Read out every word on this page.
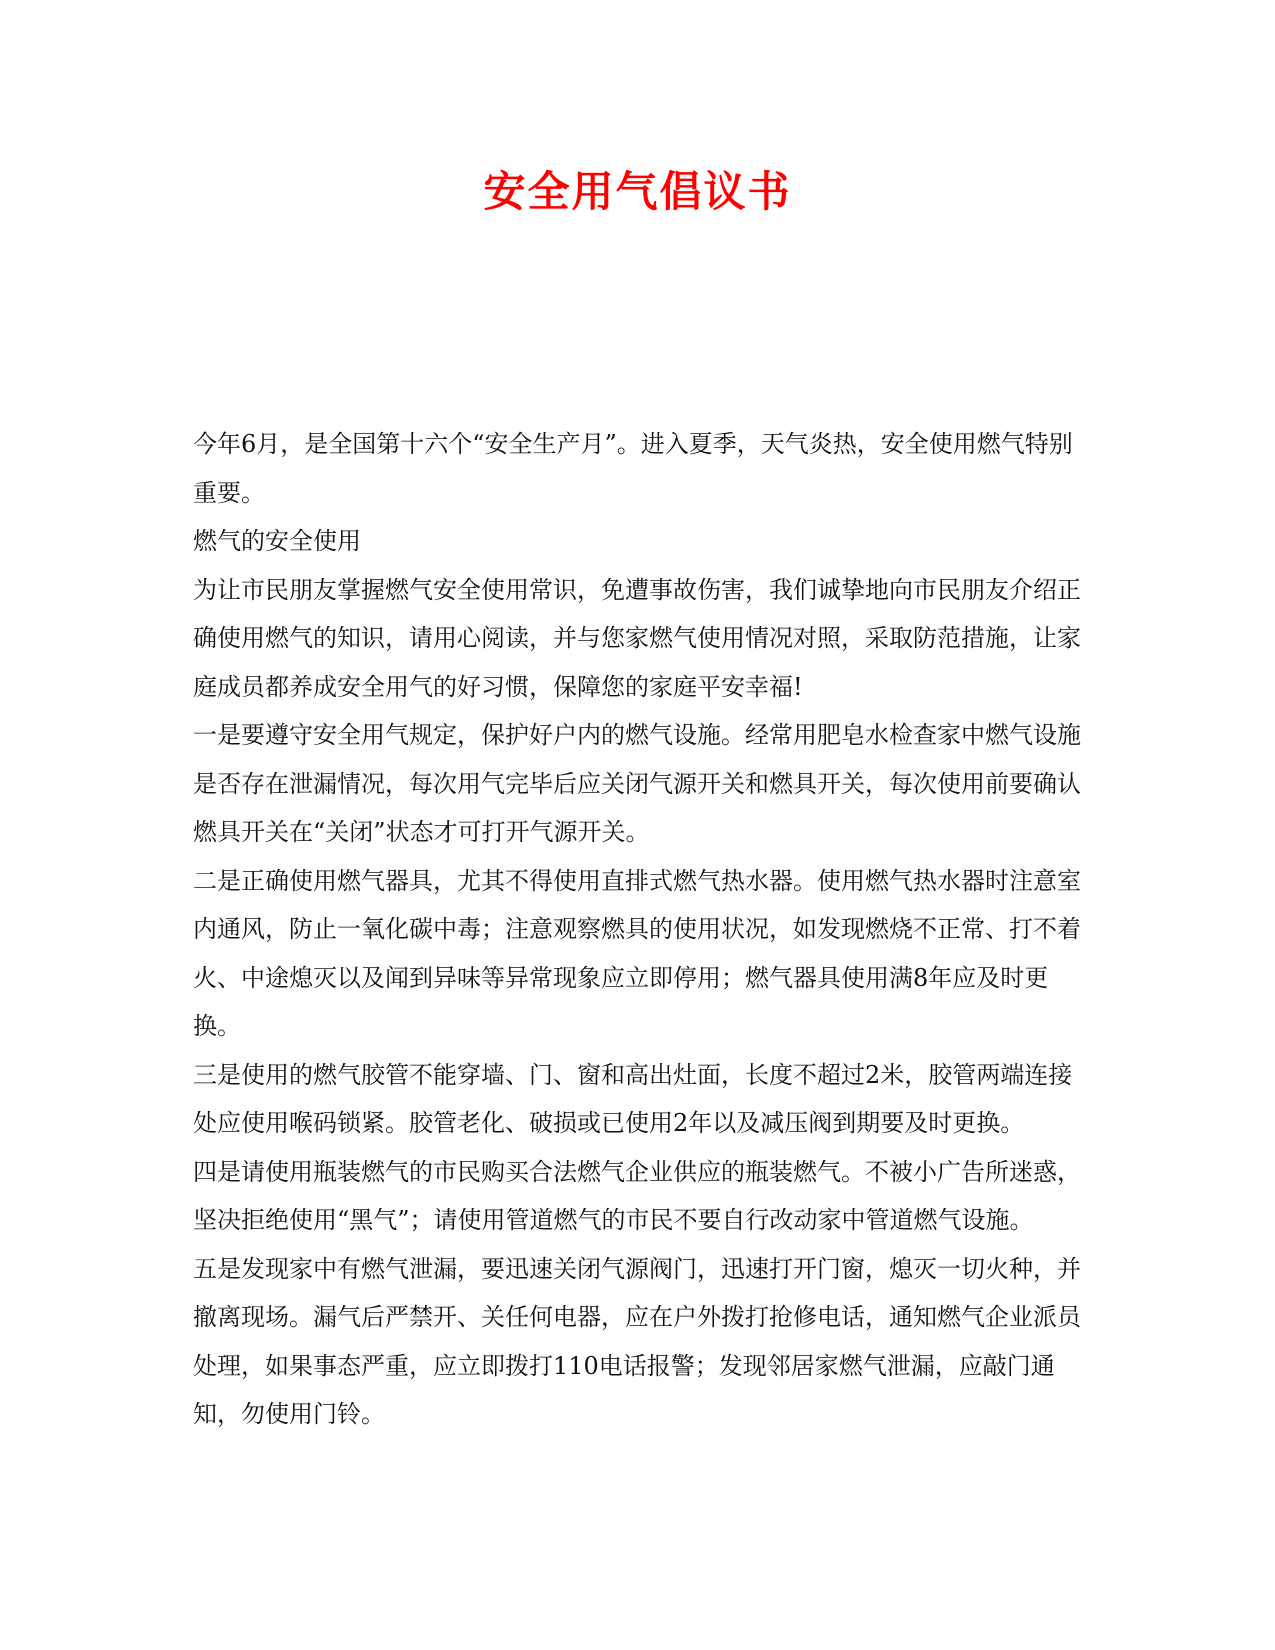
安全用气倡议书

今年6月，是全国第十六个“安全生产月”。进入夏季，天气炎热，安全使用燃气特别重要。

燃气的安全使用

为让市民朋友掌握燃气安全使用常识，免遭事故伤害，我们诚挚地向市民朋友介绍正确使用燃气的知识，请用心阅读，并与您家燃气使用情况对照，采取防范措施，让家庭成员都养成安全用气的好习惯，保障您的家庭平安幸福!

一是要遵守安全用气规定，保护好户内的燃气设施。经常用肥皂水检查家中燃气设施是否存在泄漏情况，每次用气完毕后应关闭气源开关和燃具开关，每次使用前要确认燃具开关在“关闭”状态才可打开气源开关。

二是正确使用燃气器具，尤其不得使用直排式燃气热水器。使用燃气热水器时注意室内通风，防止一氧化碳中毒；注意观察燃具的使用状况，如发现燃烧不正常、打不着火、中途熄灭以及闻到异味等异常现象应立即停用；燃气器具使用满8年应及时更换。

三是使用的燃气胶管不能穿墙、门、窗和高出灶面，长度不超过2米，胶管两端连接处应使用喉码锁紧。胶管老化、破损或已使用2年以及减压阀到期要及时更换。

四是请使用瓶装燃气的市民购买合法燃气企业供应的瓶装燃气。不被小广告所迷惑，坚决拒绝使用“黑气”；请使用管道燃气的市民不要自行改动家中管道燃气设施。

五是发现家中有燃气泄漏，要迅速关闭气源阀门，迅速打开门窗，熄灭一切火种，并撤离现场。漏气后严禁开、关任何电器，应在户外拨打抢修电话，通知燃气企业派员处理，如果事态严重，应立即拨打110电话报警；发现邻居家燃气泄漏，应敲门通知，勿使用门铃。
